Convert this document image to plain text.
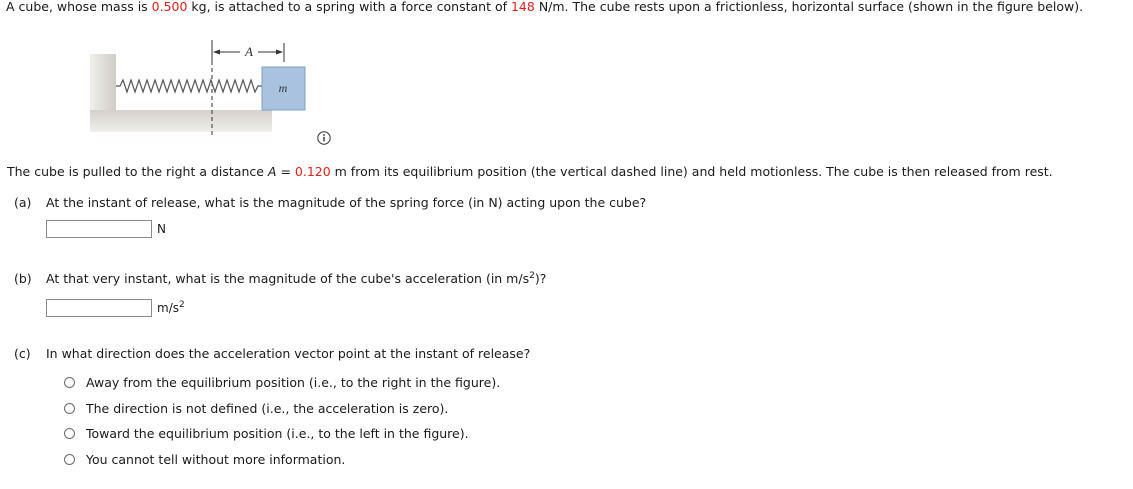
A cube, whose mass is 0.500 kg, is attached to a spring with a force constant of 148 N/m. The cube rests upon a frictionless, horizontal surface (shown in the figure below).
A
m
The cube is pulled to the right a distance A = 0.120 m from its equilibrium position (the vertical dashed line) and held motionless. The cube is then released from rest.
(a) At the instant of release, what is the magnitude of the spring force (in N) acting upon the cube?
N
(b) At that very instant, what is the magnitude of the cube's acceleration (in $m/s^2$)?
$m/s^2$
(c) In what direction does the acceleration vector point at the instant of release?
Away from the equilibrium position (i.e., to the right in the figure).
The direction is not defined (i.e., the acceleration is zero).
Toward the equilibrium position (i.e., to the left in the figure).
You cannot tell without more information.
